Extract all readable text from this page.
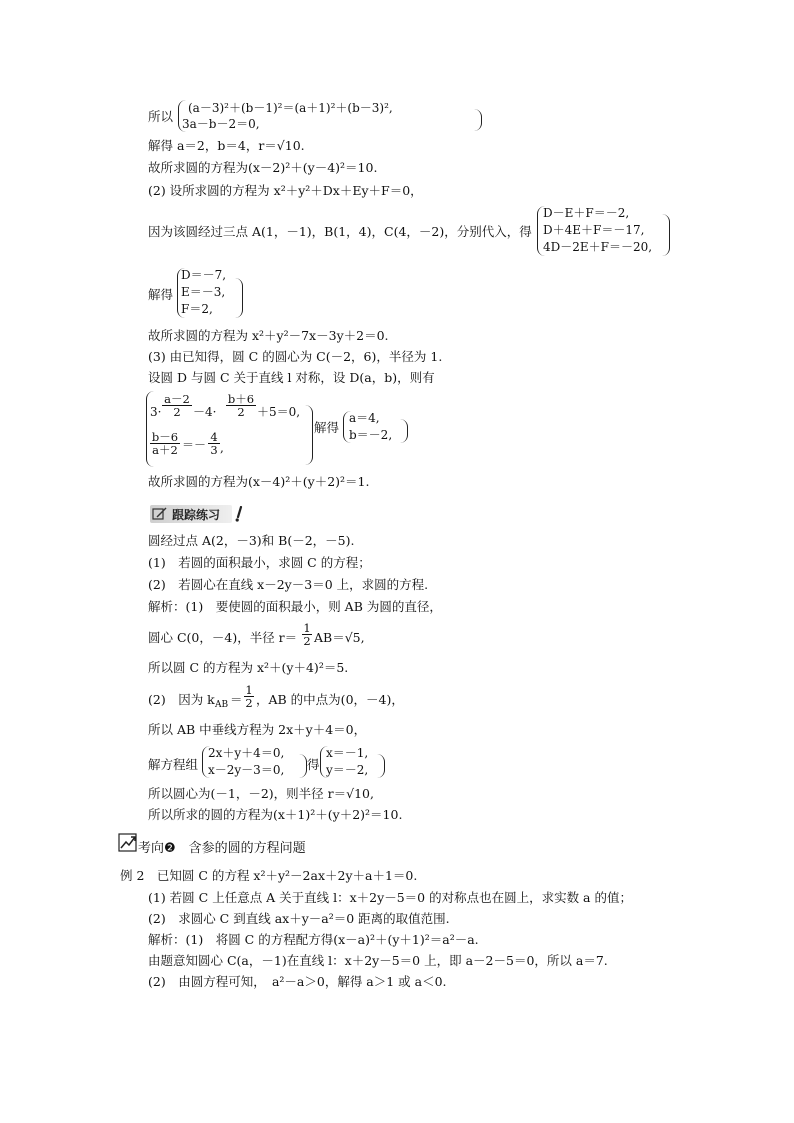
所以
(a－3)²＋(b－1)²＝(a＋1)²＋(b－3)²,
3a－b－2＝0,
解得 a＝2，b＝4，r＝√10.
故所求圆的方程为(x－2)²＋(y－4)²＝10.
(2) 设所求圆的方程为 x²＋y²＋Dx＋Ey＋F＝0，
因为该圆经过三点 A(1，－1)，B(1，4)，C(4，－2)，分别代入，得
D－E＋F＝－2,
D＋4E＋F＝－17,
4D－2E＋F＝－20,
解得
D＝－7,
E＝－3,
F＝2,
故所求圆的方程为 x²＋y²－7x－3y＋2＝0.
(3) 由已知得，圆 C 的圆心为 C(－2，6)，半径为 1.
设圆 D 与圆 C 关于直线 l 对称，设 D(a，b)，则有
$3\cdot \frac{a-2}{2} -4\cdot \frac{b+6}{2} +5=0$,
$\frac{b-6}{a+2} =- \frac{4}{3}$ ,
解得
a＝4,
b＝－2,
故所求圆的方程为(x－4)²＋(y＋2)²＝1.
跟踪练习
圆经过点 A(2，－3)和 B(－2，－5).
(1)　若圆的面积最小，求圆 C 的方程；
(2)　若圆心在直线 x－2y－3＝0 上，求圆的方程.
解析：(1)　要使圆的面积最小，则 AB 为圆的直径，
圆心 C(0，－4)，半径 $r= \frac{1}{2} AB=√5$,
所以圆 C 的方程为 x²＋(y＋4)²＝5.
(2)　因为 k AB ＝ $\frac{1}{2}$ ，AB 的中点为(0，－4)，
所以 AB 中垂线方程为 2x＋y＋4＝0，
解方程组
2x＋y＋4＝0,
x－2y－3＝0, 得
x＝－1,
y＝－2,
所以圆心为(－1，－2)，则半径 r＝√10,
所以所求的圆的方程为(x＋1)²＋(y＋2)²＝10.
考向❷　含参的圆的方程问题
例 2　已知圆 C 的方程 x²＋y²－2ax＋2y＋a＋1＝0.
(1) 若圆 C 上任意点 A 关于直线 l：x＋2y－5＝0 的对称点也在圆上，求实数 a 的值；
(2)　求圆心 C 到直线 ax＋y－a²＝0 距离的取值范围.
解析：(1)　将圆 C 的方程配方得(x－a)²＋(y＋1)²＝a²－a.
由题意知圆心 C(a，－1)在直线 l：x＋2y－5＝0 上，即 a－2－5＝0，所以 a＝7.
(2)　由圆方程可知，　a²－a＞0，解得 a＞1 或 a＜0.
